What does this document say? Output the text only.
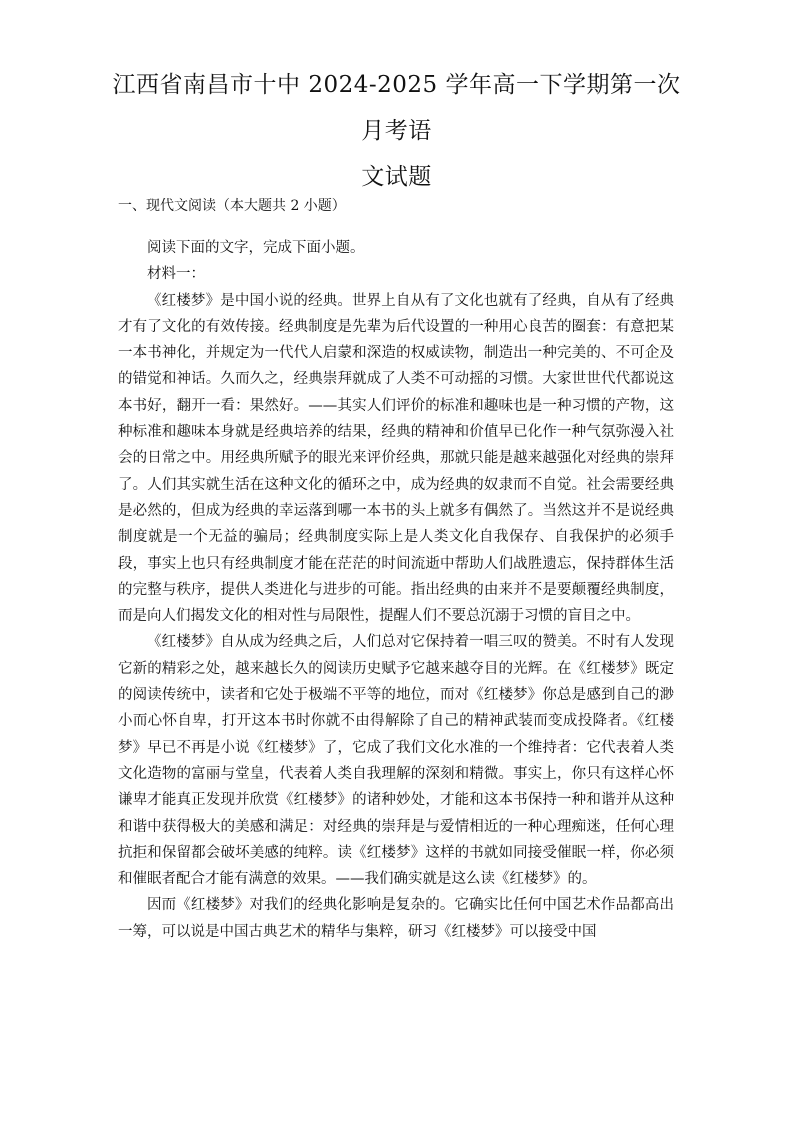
江西省南昌市十中 2024-2025 学年高一下学期第一次月考语
文试题
一、现代文阅读（本大题共 2 小题）

阅读下面的文字，完成下面小题。

材料一：

《红楼梦》是中国小说的经典。世界上自从有了文化也就有了经典，自从有了经典才有了文化的有效传接。经典制度是先辈为后代设置的一种用心良苦的圈套：有意把某一本书神化，并规定为一代代人启蒙和深造的权威读物，制造出一种完美的、不可企及的错觉和神话。久而久之，经典崇拜就成了人类不可动摇的习惯。大家世世代代都说这本书好，翻开一看：果然好。——其实人们评价的标准和趣味也是一种习惯的产物，这种标准和趣味本身就是经典培养的结果，经典的精神和价值早已化作一种气氛弥漫入社会的日常之中。用经典所赋予的眼光来评价经典，那就只能是越来越强化对经典的崇拜了。人们其实就生活在这种文化的循环之中，成为经典的奴隶而不自觉。社会需要经典是必然的，但成为经典的幸运落到哪一本书的头上就多有偶然了。当然这并不是说经典制度就是一个无益的骗局；经典制度实际上是人类文化自我保存、自我保护的必须手段，事实上也只有经典制度才能在茫茫的时间流逝中帮助人们战胜遗忘，保持群体生活的完整与秩序，提供人类进化与进步的可能。指出经典的由来并不是要颠覆经典制度，而是向人们揭发文化的相对性与局限性，提醒人们不要总沉溺于习惯的盲目之中。

《红楼梦》自从成为经典之后，人们总对它保持着一唱三叹的赞美。不时有人发现它新的精彩之处，越来越长久的阅读历史赋予它越来越夺目的光辉。在《红楼梦》既定的阅读传统中，读者和它处于极端不平等的地位，而对《红楼梦》你总是感到自己的渺小而心怀自卑，打开这本书时你就不由得解除了自己的精神武装而变成投降者。《红楼梦》早已不再是小说《红楼梦》了，它成了我们文化水准的一个维持者：它代表着人类文化造物的富丽与堂皇，代表着人类自我理解的深刻和精微。事实上，你只有这样心怀谦卑才能真正发现并欣赏《红楼梦》的诸种妙处，才能和这本书保持一种和谐并从这种和谐中获得极大的美感和满足：对经典的崇拜是与爱情相近的一种心理痴迷，任何心理抗拒和保留都会破坏美感的纯粹。读《红楼梦》这样的书就如同接受催眠一样，你必须和催眠者配合才能有满意的效果。——我们确实就是这么读《红楼梦》的。

因而《红楼梦》对我们的经典化影响是复杂的。它确实比任何中国艺术作品都高出一筹，可以说是中国古典艺术的精华与集粹，研习《红楼梦》可以接受中国
